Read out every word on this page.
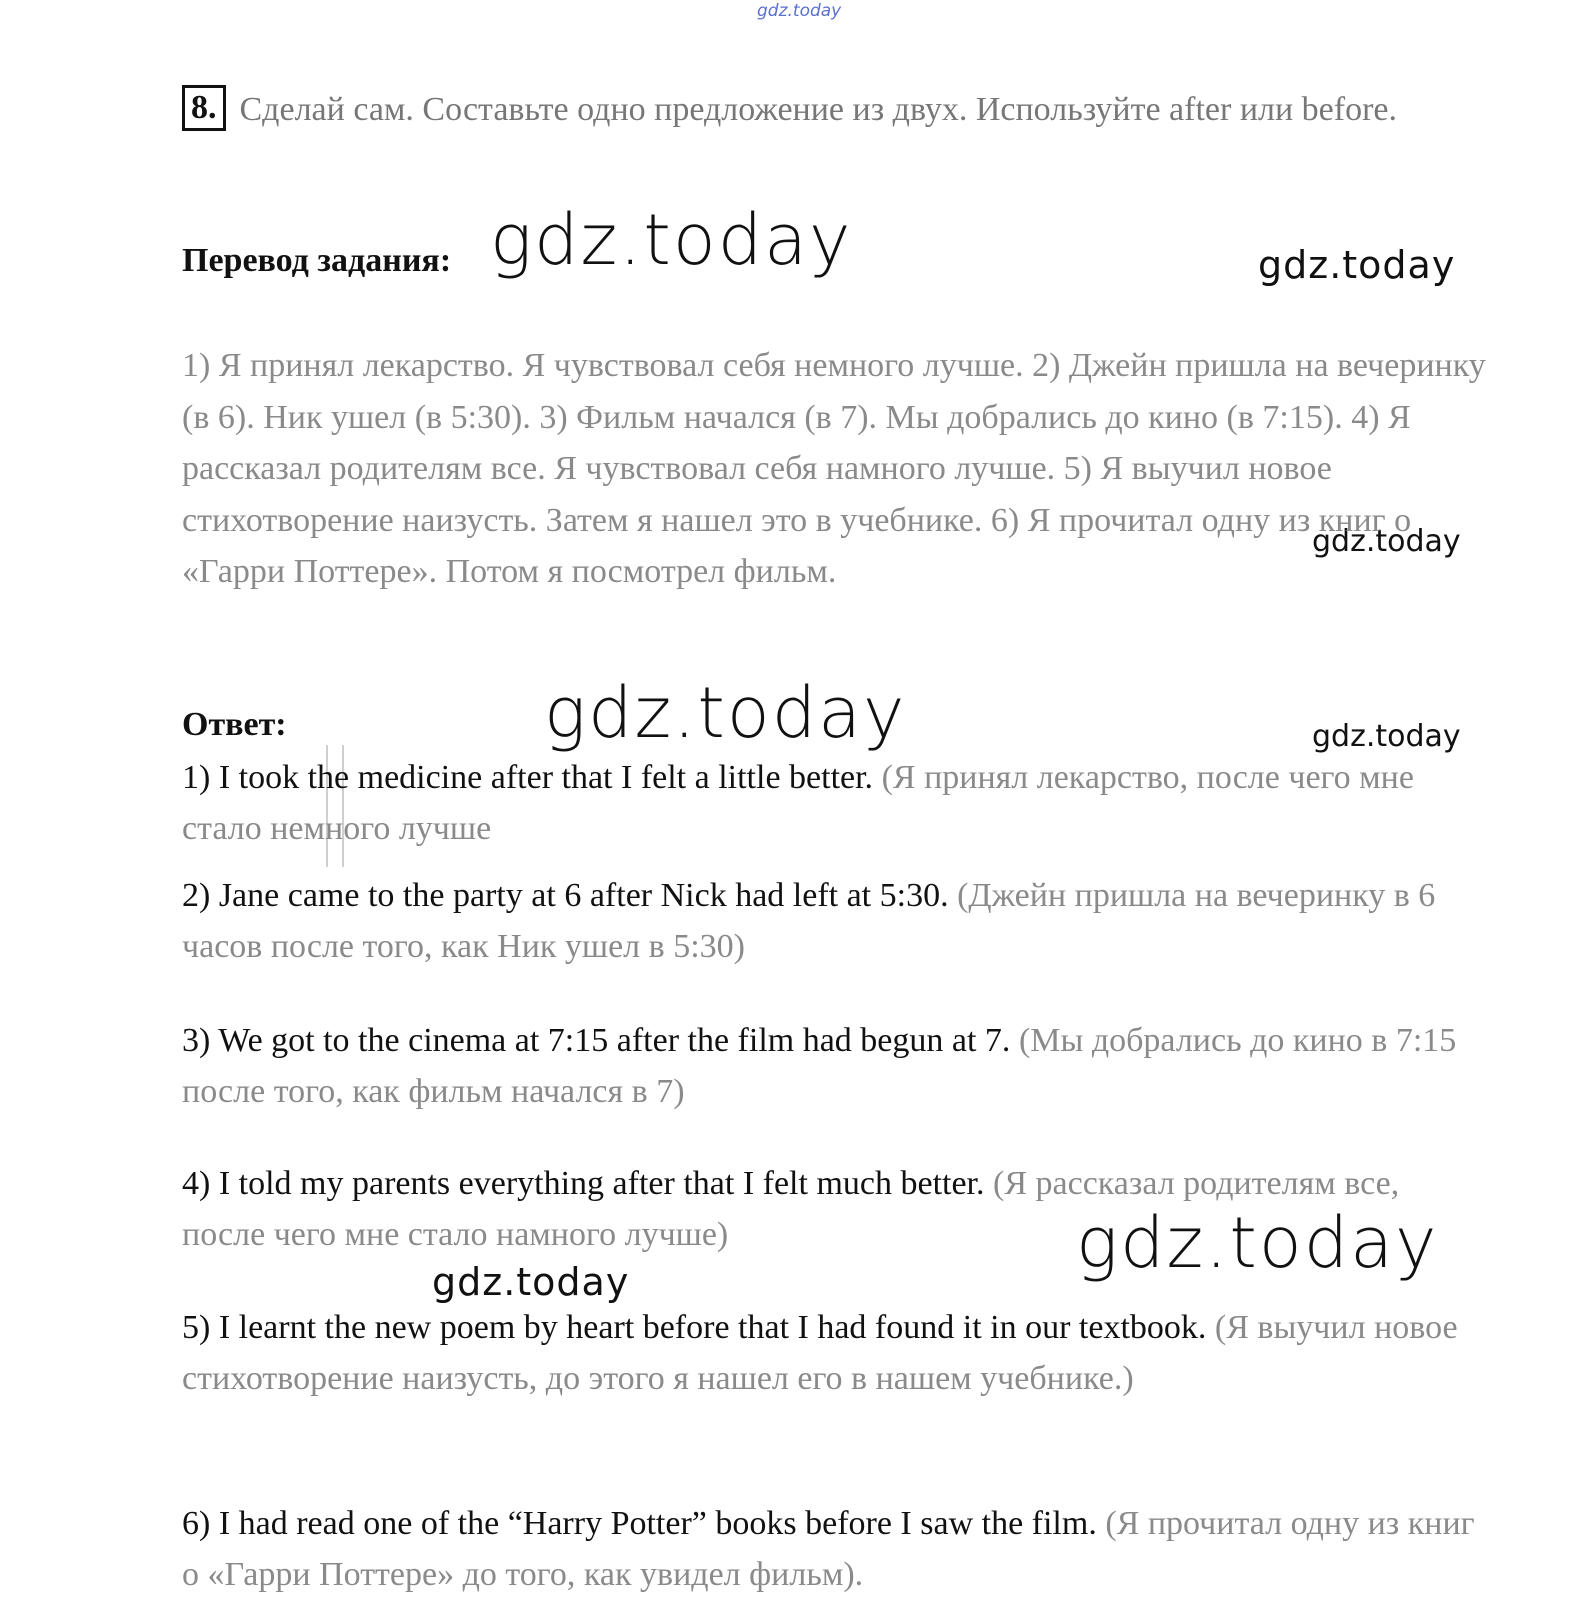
gdz.today
gdz.today	gdz.today
gdz.today
gdz.today	gdz.today
gdz.today
gdz.today
8. Сделай сам. Составьте одно предложение из двух. Используйте after или before.
Перевод задания:
1) Я принял лекарство. Я чувствовал себя немного лучше. 2) Джейн пришла на вечеринку (в 6). Ник ушел (в 5:30). 3) Фильм начался (в 7). Мы добрались до кино (в 7:15). 4) Я рассказал родителям все. Я чувствовал себя намного лучше. 5) Я выучил новое стихотворение наизусть. Затем я нашел это в учебнике. 6) Я прочитал одну из книг о «Гарри Поттере». Потом я посмотрел фильм.
Ответ:
1) I took the medicine after that I felt a little better. (Я принял лекарство, после чего мне стало немного лучше
2) Jane came to the party at 6 after Nick had left at 5:30. (Джейн пришла на вечеринку в 6 часов после того, как Ник ушел в 5:30)
3) We got to the cinema at 7:15 after the film had begun at 7. (Мы добрались до кино в 7:15 после того, как фильм начался в 7)
4) I told my parents everything after that I felt much better. (Я рассказал родителям все, после чего мне стало намного лучше)
5) I learnt the new poem by heart before that I had found it in our textbook. (Я выучил новое стихотворение наизусть, до этого я нашел его в нашем учебнике.)
6) I had read one of the “Harry Potter” books before I saw the film. (Я прочитал одну из книг о «Гарри Поттере» до того, как увидел фильм).
